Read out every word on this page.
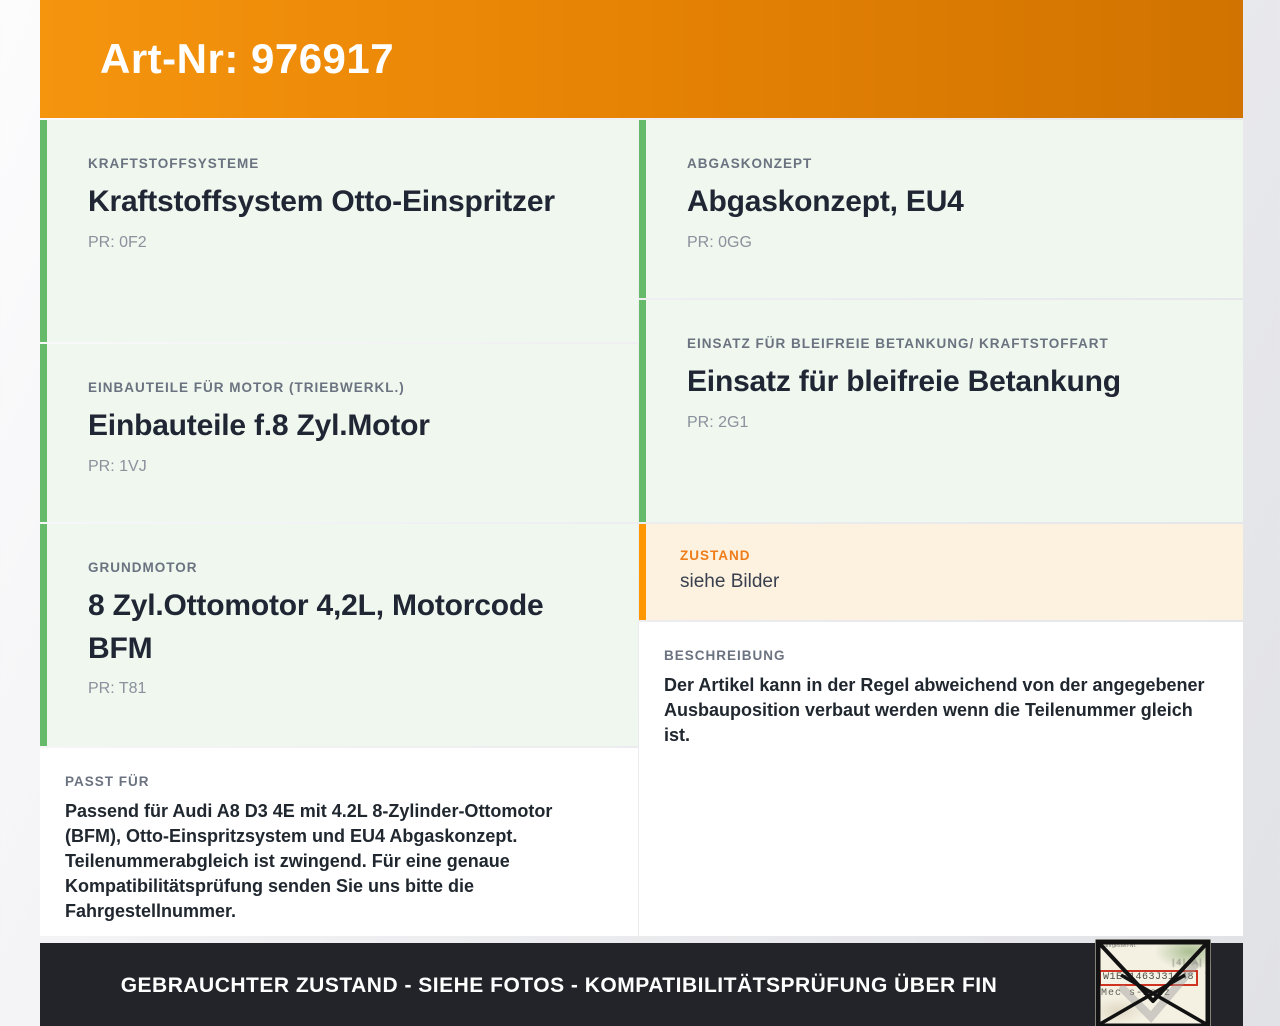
Art-Nr: 976917
KRAFTSTOFFSYSTEME
Kraftstoffsystem Otto-Einspritzer
PR: 0F2
EINBAUTEILE FÜR MOTOR (TRIEBWERKL.)
Einbauteile f.8 Zyl.Motor
PR: 1VJ
GRUNDMOTOR
8 Zyl.Ottomotor 4,2L, Motorcode BFM
PR: T81
PASST FÜR
Passend für Audi A8 D3 4E mit 4.2L 8-Zylinder-Ottomotor (BFM), Otto-Einspritzsystem und EU4 Abgaskonzept. Teilenummerabgleich ist zwingend. Für eine genaue Kompatibilitätsprüfung senden Sie uns bitte die Fahrgestellnummer.
ABGASKONZEPT
Abgaskonzept, EU4
PR: 0GG
EINSATZ FÜR BLEIFREIE BETANKUNG/ KRAFTSTOFFART
Einsatz für bleifreie Betankung
PR: 2G1
ZUSTAND
siehe Bilder
BESCHREIBUNG
Der Artikel kann in der Regel abweichend von der angegebener Ausbauposition verbaut werden wenn die Teilenummer gleich ist.
GEBRAUCHTER ZUSTAND - SIEHE FOTOS - KOMPATIBILITÄTSPRÜFUNG ÜBER FIN
Fahrgestell-Nr.
|4| A|
W1E71463J31248 7
Mec s-Benz
